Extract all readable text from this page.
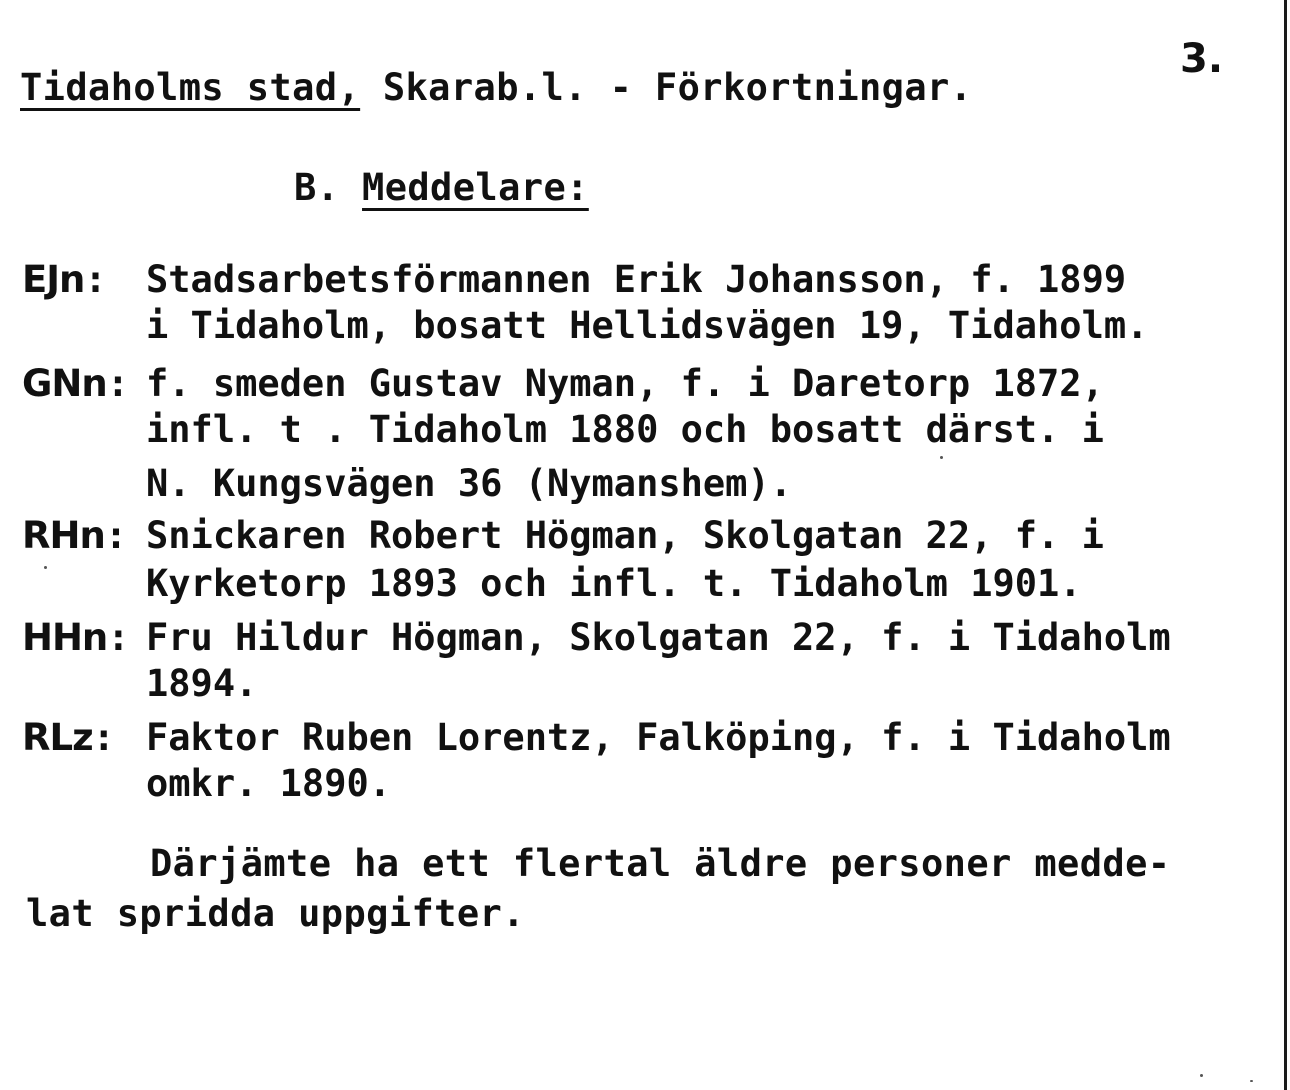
3.
Tidaholms stad, Skarab.l. - Förkortningar.
B. Meddelare:
EJn: Stadsarbetsförmannen Erik Johansson, f. 1899
i Tidaholm, bosatt Hellidsvägen 19, Tidaholm.
GNn: f. smeden Gustav Nyman, f. i Daretorp 1872,
infl. t . Tidaholm 1880 och bosatt därst. i
N. Kungsvägen 36 (Nymanshem).
RHn: Snickaren Robert Högman, Skolgatan 22, f. i
Kyrketorp 1893 och infl. t. Tidaholm 1901.
HHn: Fru Hildur Högman, Skolgatan 22, f. i Tidaholm
1894.
RLz: Faktor Ruben Lorentz, Falköping, f. i Tidaholm
omkr. 1890.
Därjämte ha ett flertal äldre personer medde-
lat spridda uppgifter.
